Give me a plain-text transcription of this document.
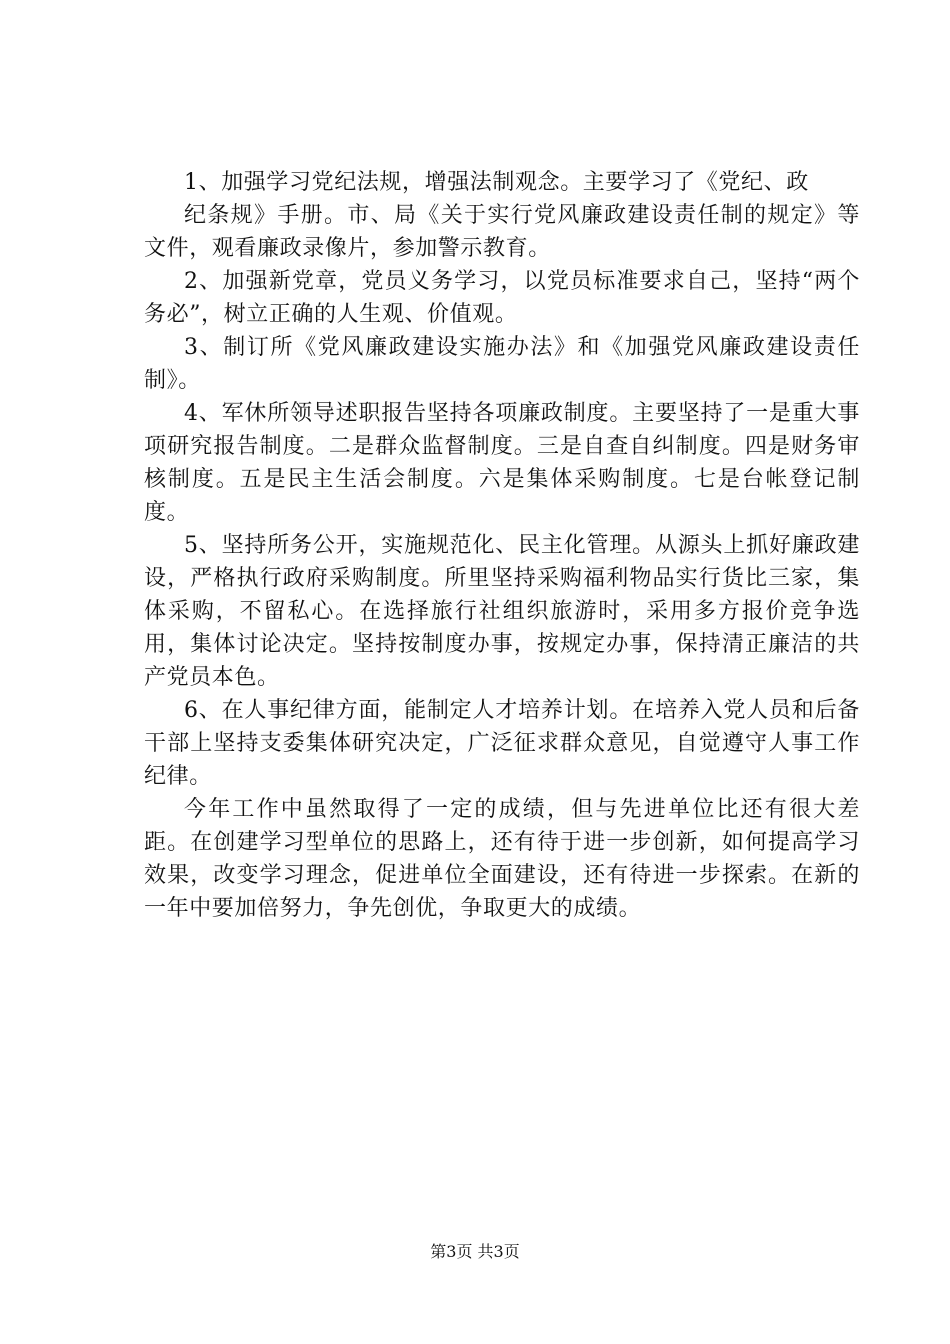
1、加强学习党纪法规，增强法制观念。主要学习了《党纪、政

纪条规》手册。市、局《关于实行党风廉政建设责任制的规定》等文件，观看廉政录像片，参加警示教育。

2、加强新党章，党员义务学习，以党员标准要求自己，坚持“两个务必”，树立正确的人生观、价值观。

3、制订所《党风廉政建设实施办法》和《加强党风廉政建设责任制》。

4、军休所领导述职报告坚持各项廉政制度。主要坚持了一是重大事项研究报告制度。二是群众监督制度。三是自查自纠制度。四是财务审核制度。五是民主生活会制度。六是集体采购制度。七是台帐登记制度。

5、坚持所务公开，实施规范化、民主化管理。从源头上抓好廉政建设，严格执行政府采购制度。所里坚持采购福利物品实行货比三家，集体采购，不留私心。在选择旅行社组织旅游时，采用多方报价竞争选用，集体讨论决定。坚持按制度办事，按规定办事，保持清正廉洁的共产党员本色。

6、在人事纪律方面，能制定人才培养计划。在培养入党人员和后备干部上坚持支委集体研究决定，广泛征求群众意见，自觉遵守人事工作纪律。

今年工作中虽然取得了一定的成绩，但与先进单位比还有很大差距。在创建学习型单位的思路上，还有待于进一步创新，如何提高学习效果，改变学习理念，促进单位全面建设，还有待进一步探索。在新的一年中要加倍努力，争先创优，争取更大的成绩。

第3页 共3页
